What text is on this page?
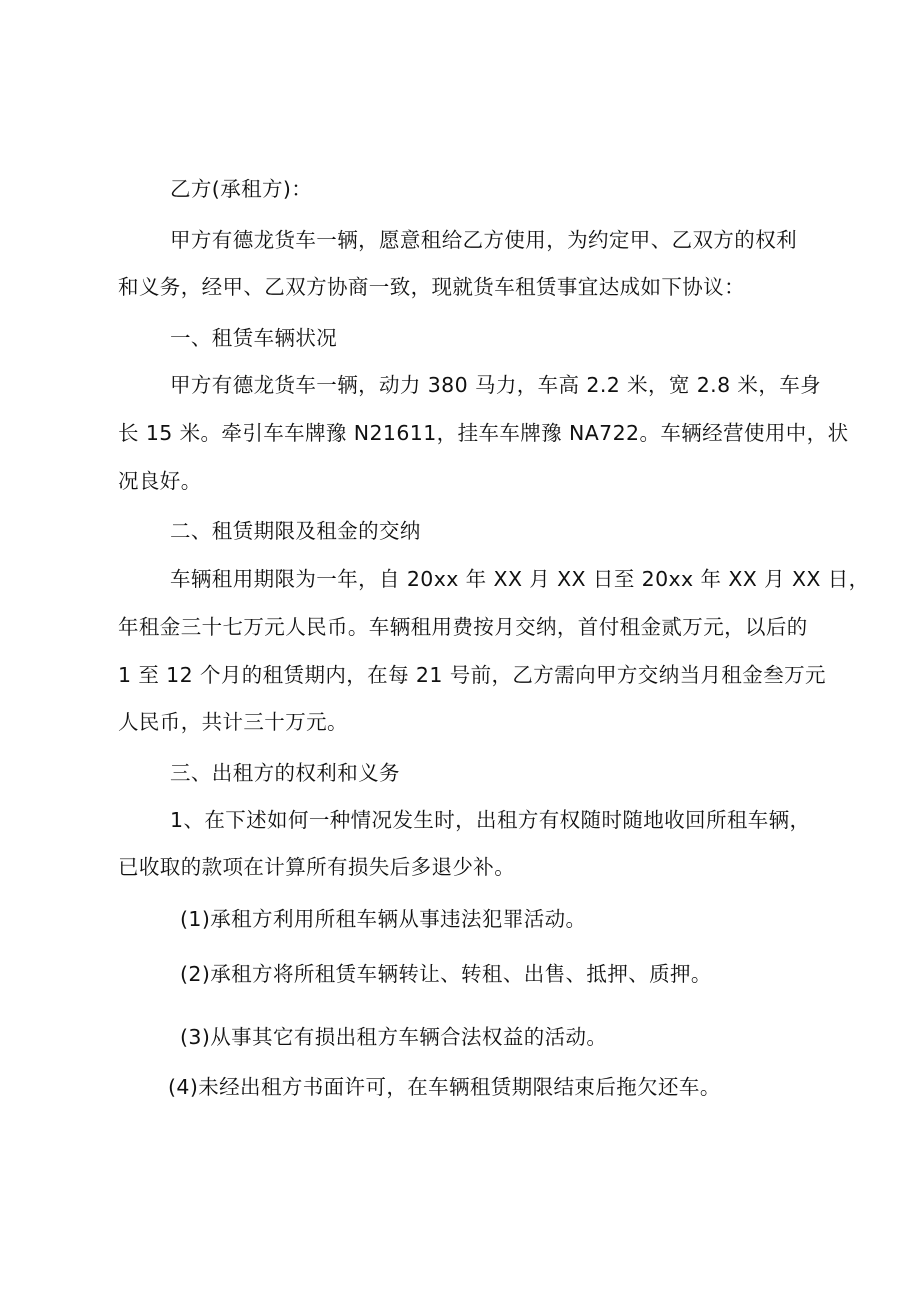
乙方(承租方)：
甲方有德龙货车一辆，愿意租给乙方使用，为约定甲、乙双方的权利
和义务，经甲、乙双方协商一致，现就货车租赁事宜达成如下协议：
一、租赁车辆状况
甲方有德龙货车一辆，动力 380 马力，车高 2.2 米，宽 2.8 米，车身
长 15 米。牵引车车牌豫 N21611，挂车车牌豫 NA722。车辆经营使用中，状
况良好。
二、租赁期限及租金的交纳
车辆租用期限为一年，自 20xx 年 XX 月 XX 日至 20xx 年 XX 月 XX 日，
年租金三十七万元人民币。车辆租用费按月交纳，首付租金贰万元，以后的
1 至 12 个月的租赁期内，在每 21 号前，乙方需向甲方交纳当月租金叁万元
人民币，共计三十万元。
三、出租方的权利和义务
1、在下述如何一种情况发生时，出租方有权随时随地收回所租车辆，
已收取的款项在计算所有损失后多退少补。
(1)承租方利用所租车辆从事违法犯罪活动。
(2)承租方将所租赁车辆转让、转租、出售、抵押、质押。
(3)从事其它有损出租方车辆合法权益的活动。
(4)未经出租方书面许可，在车辆租赁期限结束后拖欠还车。
